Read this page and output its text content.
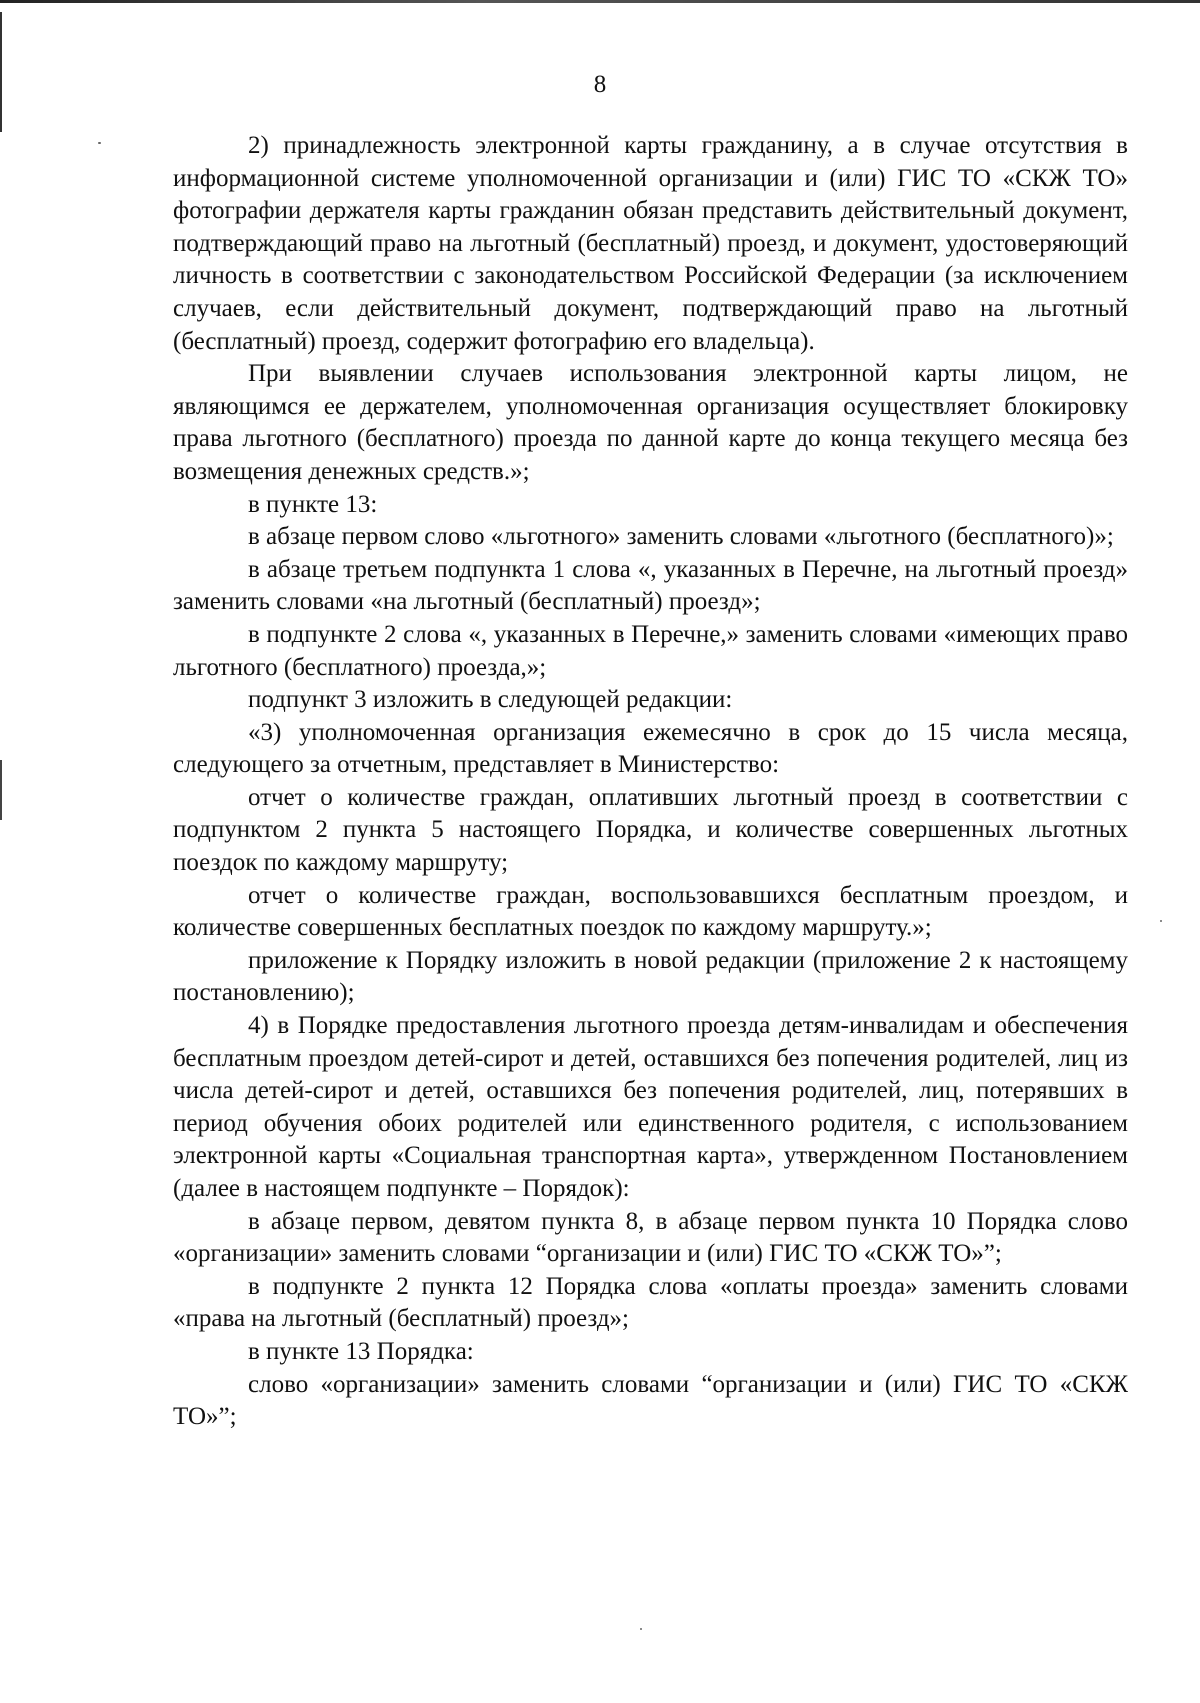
8

2) принадлежность электронной карты гражданину, а в случае отсутствия в информационной системе уполномоченной организации и (или) ГИС ТО «СКЖ ТО» фотографии держателя карты гражданин обязан представить действительный документ, подтверждающий право на льготный (бесплатный) проезд, и документ, удостоверяющий личность в соответствии с законодательством Российской Федерации (за исключением случаев, если действительный документ, подтверждающий право на льготный (бесплатный) проезд, содержит фотографию его владельца).

При выявлении случаев использования электронной карты лицом, не являющимся ее держателем, уполномоченная организация осуществляет блокировку права льготного (бесплатного) проезда по данной карте до конца текущего месяца без возмещения денежных средств.»;

в пункте 13:

в абзаце первом слово «льготного» заменить словами «льготного (бесплатного)»;

в абзаце третьем подпункта 1 слова «, указанных в Перечне, на льготный проезд» заменить словами «на льготный (бесплатный) проезд»;

в подпункте 2 слова «, указанных в Перечне,» заменить словами «имеющих право льготного (бесплатного) проезда,»;

подпункт 3 изложить в следующей редакции:

«3) уполномоченная организация ежемесячно в срок до 15 числа месяца, следующего за отчетным, представляет в Министерство:

отчет о количестве граждан, оплативших льготный проезд в соответствии с подпунктом 2 пункта 5 настоящего Порядка, и количестве совершенных льготных поездок по каждому маршруту;

отчет о количестве граждан, воспользовавшихся бесплатным проездом, и количестве совершенных бесплатных поездок по каждому маршруту.»;

приложение к Порядку изложить в новой редакции (приложение 2 к настоящему постановлению);

4) в Порядке предоставления льготного проезда детям-инвалидам и обеспечения бесплатным проездом детей-сирот и детей, оставшихся без попечения родителей, лиц из числа детей-сирот и детей, оставшихся без попечения родителей, лиц, потерявших в период обучения обоих родителей или единственного родителя, с использованием электронной карты «Социальная транспортная карта», утвержденном Постановлением (далее в настоящем подпункте – Порядок):

в абзаце первом, девятом пункта 8, в абзаце первом пункта 10 Порядка слово «организации» заменить словами “организации и (или) ГИС ТО «СКЖ ТО»”;

в подпункте 2 пункта 12 Порядка слова «оплаты проезда» заменить словами «права на льготный (бесплатный) проезд»;

в пункте 13 Порядка:

слово «организации» заменить словами “организации и (или) ГИС ТО «СКЖ ТО»”;
